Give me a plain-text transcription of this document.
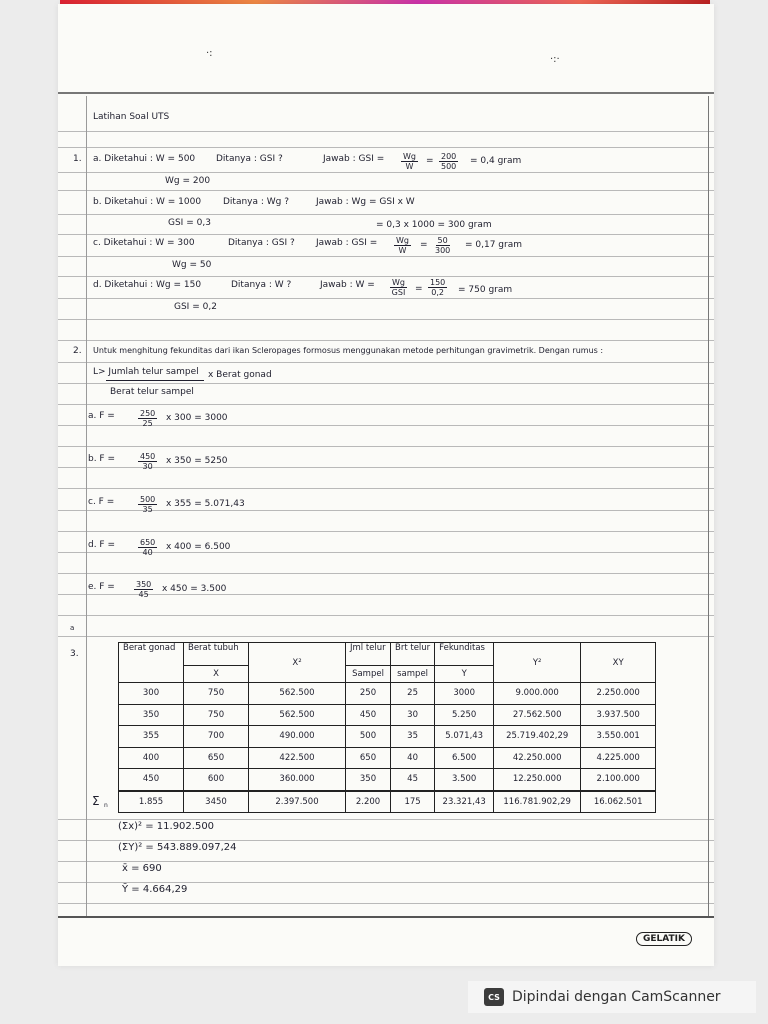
·:
·:·
Latihan Soal UTS
1. a. Diketahui : W = 500
Wg = 200
Ditanya : GSI ?	Jawab : GSI = $\frac{Wg}{W} = \frac{200}{500} = 0,4$ gram
b. Diketahui : W = 1000
GSI = 0,3
Ditanya : Wg ?	Jawab : Wg = GSI x W
= 0,3 x 1000 = 300 gram
c. Diketahui : W = 300
Wg = 50
Ditanya : GSI ? Jawab : GSI = $\frac{Wg}{W} = \frac{50}{300} = 0,17$ gram
d. Diketahui : Wg = 150
GSI = 0,2
Ditanya : W ?	Jawab : W = Wg
GSI = $\frac{150}{0,2} = 750$ gram
2. Untuk menghitung fekunditas dari ikan Scleropages formosus menggunakan metode perhitungan gravimetrik. Dengan rumus :
L> Jumlah telur sampel x Berat gonad
Berat telur sampel
a. F =	$\frac{250}{25}$ x 300 = 3000
b. F =	$\frac{450}{30}$ x 350 = 5250
c. F =	$\frac{500}{35}$ x 355 = 5.071,43
d. F =	$\frac{650}{40}$ x 400 = 6.500
e. $F = \frac{350}{45}$ x 450 = 3.500
a
3.
Berat gonad	Berat tubuh	X²	Jml telur	Brt telur	Fekunditas	Y²	XY
	X		Sampel	sampel	Y		
300	750	562.500	250	25	3000	9.000.000	2.250.000
350	750	562.500	450	30	5.250	27.562.500	3.937.500
355	700	490.000	500	35	5.071,43	25.719.402,29	3.550.001
400	650	422.500	650	40	6.500	42.250.000	4.225.000
450	600	360.000	350	45	3.500	12.250.000	2.100.000
1.855	3450	2.397.500	2.200	175	23.321,43	116.781.902,29	16.062.501
Σ n
(Σx)² = 11.902.500
(ΣY)² = 543.889.097,24
x̄ = 690
Ȳ = 4.664,29
GELATIK
CS Dipindai dengan CamScanner
